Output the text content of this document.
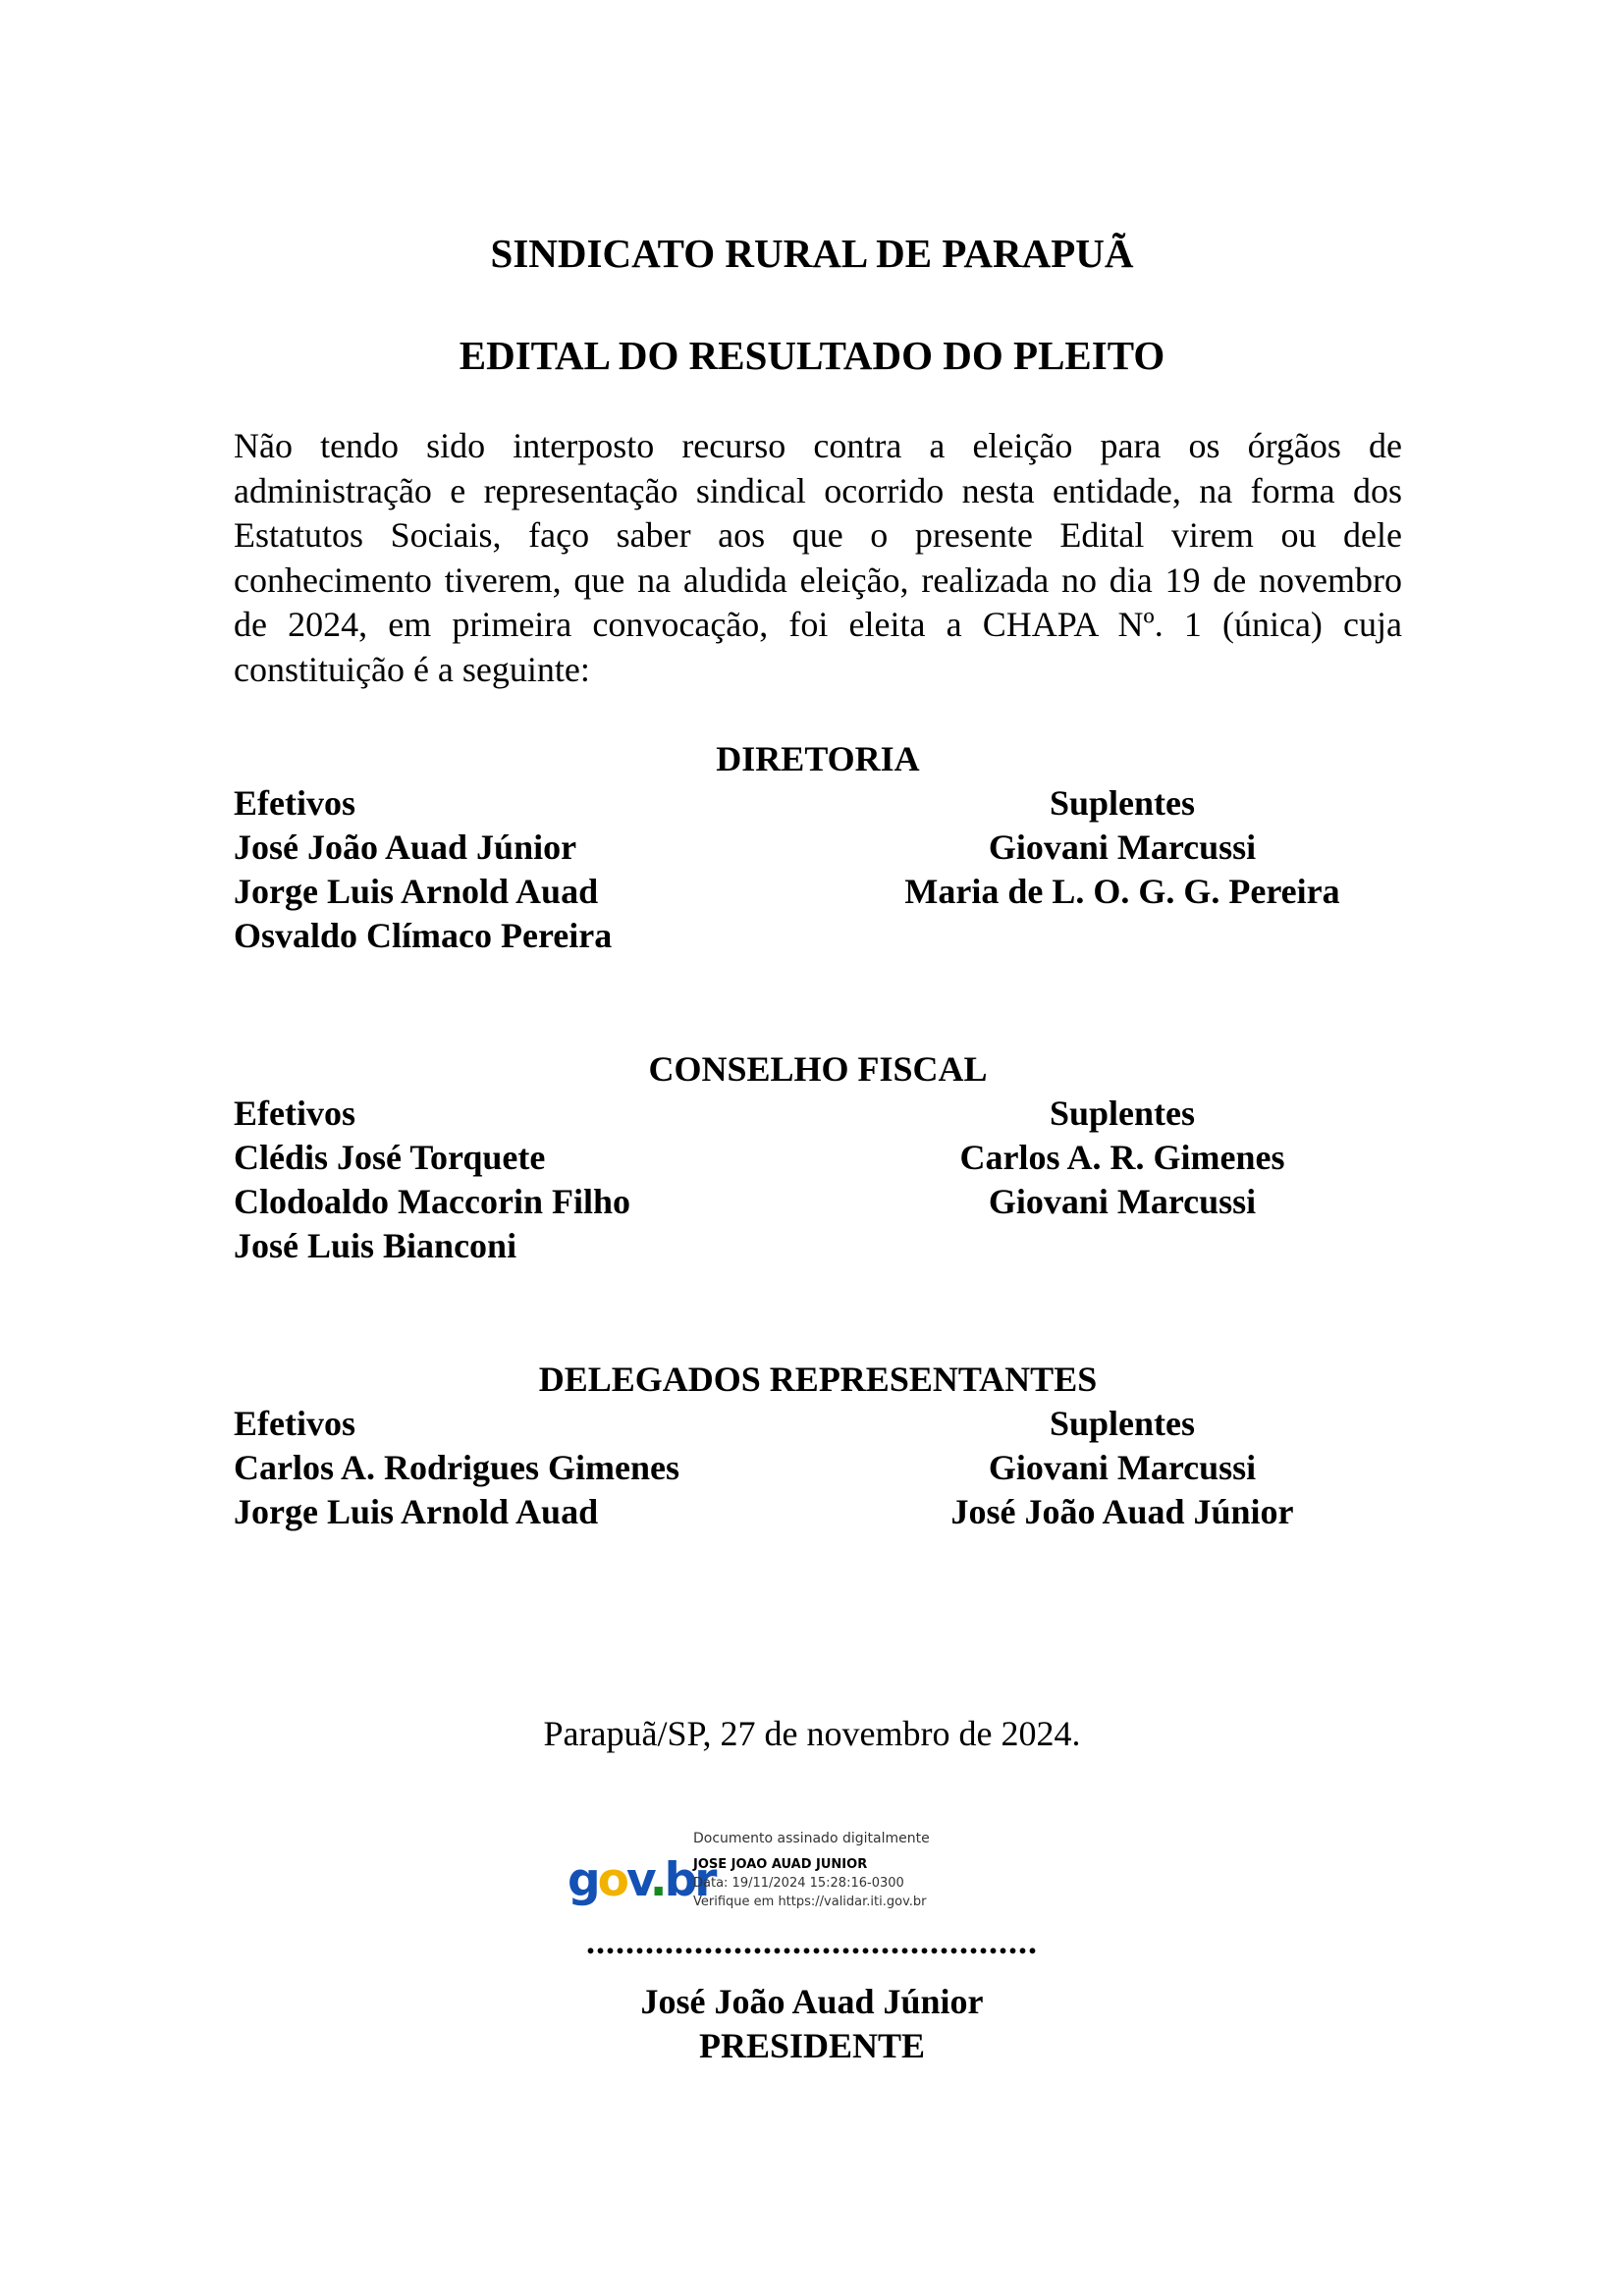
SINDICATO RURAL DE PARAPUÃ
EDITAL DO RESULTADO DO PLEITO
Não tendo sido interposto recurso contra a eleição para os órgãos de administração e representação sindical ocorrido nesta entidade, na forma dos Estatutos Sociais, faço saber aos que o presente Edital virem ou dele conhecimento tiverem, que na aludida eleição, realizada no dia 19 de novembro de 2024, em primeira convocação, foi eleita a CHAPA Nº. 1 (única) cuja constituição é a seguinte:
DIRETORIA
Efetivos
José João Auad Júnior
Jorge Luis Arnold Auad
Osvaldo Clímaco Pereira
Suplentes
Giovani Marcussi
Maria de L. O. G. G. Pereira
CONSELHO FISCAL
Efetivos
Clédis José Torquete
Clodoaldo Maccorin Filho
José Luis Bianconi
Suplentes
Carlos A. R. Gimenes
Giovani Marcussi
DELEGADOS REPRESENTANTES
Efetivos
Carlos A. Rodrigues Gimenes
Jorge Luis Arnold Auad
Suplentes
Giovani Marcussi
José João Auad Júnior

Parapuã/SP, 27 de novembro de 2024.

gov.br
Documento assinado digitalmente
JOSE JOAO AUAD JUNIOR
Data: 19/11/2024 15:28:16-0300
Verifique em https://validar.iti.gov.br

..............................................

José João Auad Júnior
PRESIDENTE
